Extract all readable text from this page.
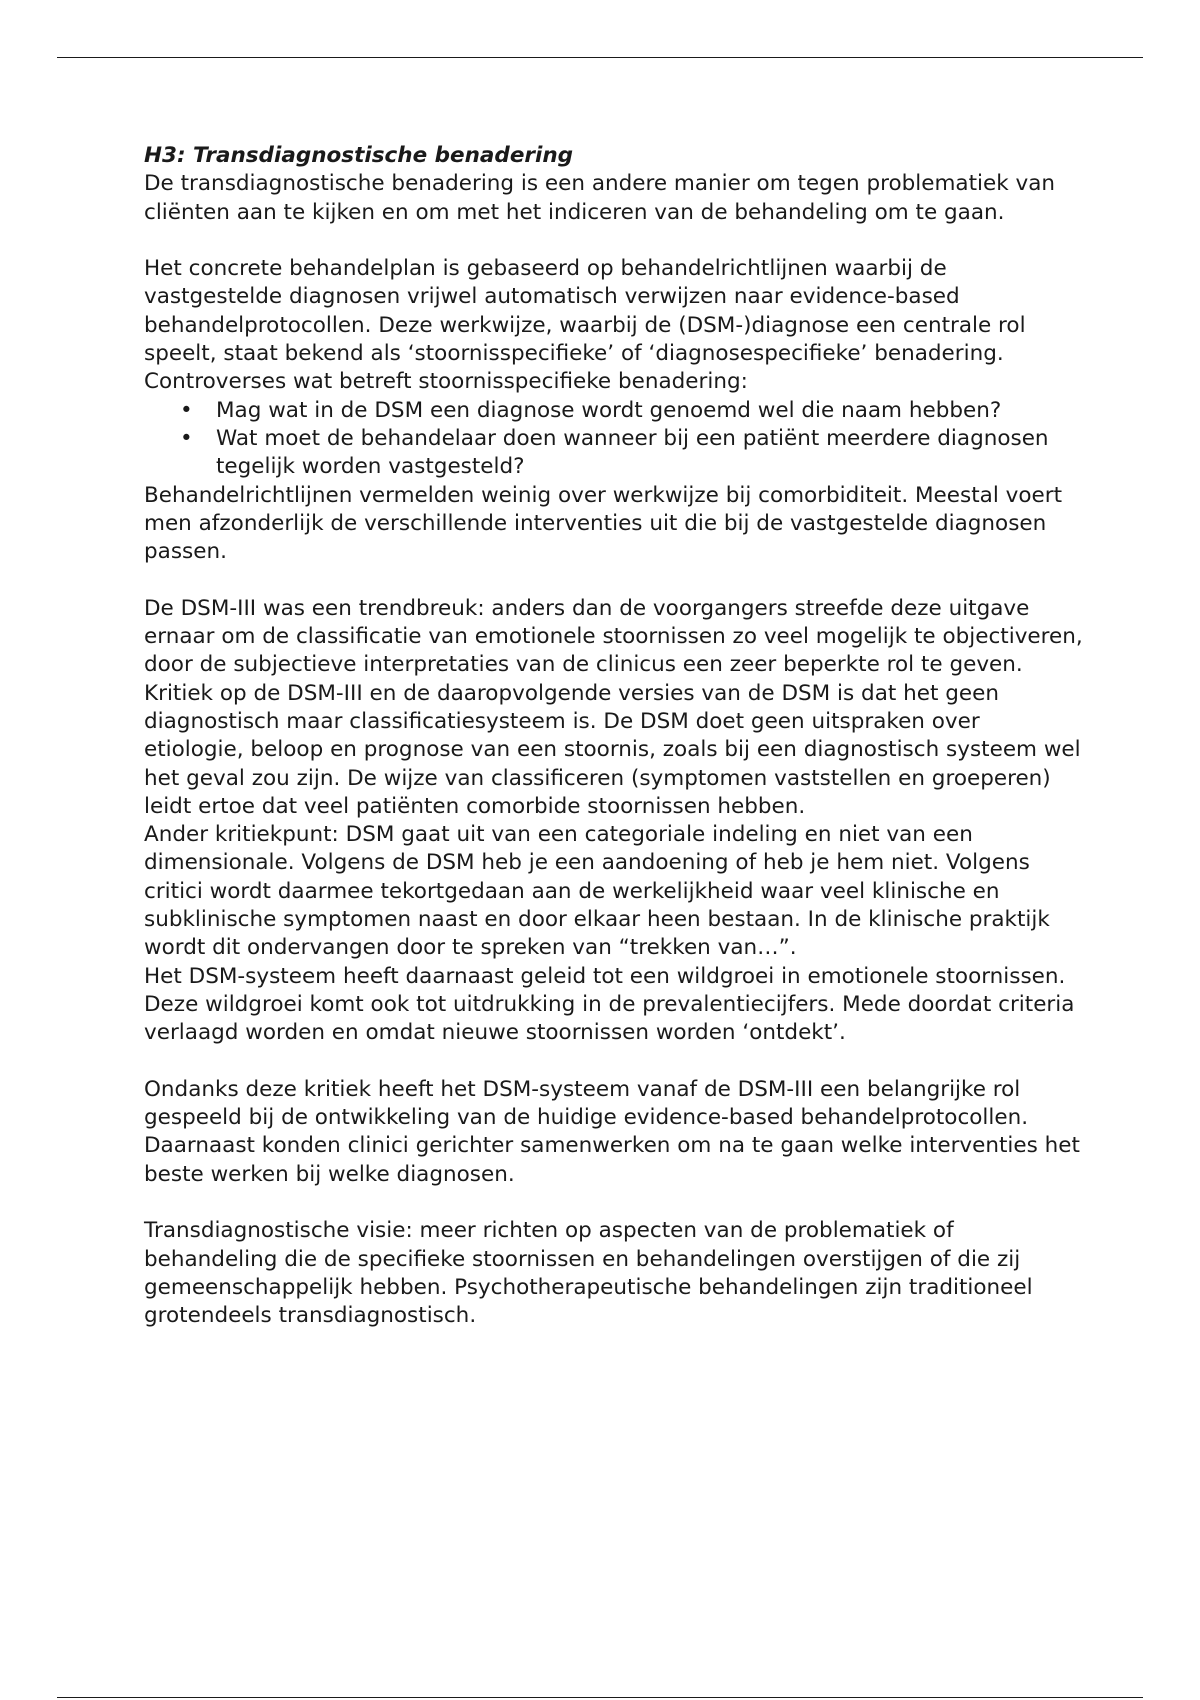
H3: Transdiagnostische benadering

De transdiagnostische benadering is een andere manier om tegen problematiek van cliënten aan te kijken en om met het indiceren van de behandeling om te gaan.

Het concrete behandelplan is gebaseerd op behandelrichtlijnen waarbij de vastgestelde diagnosen vrijwel automatisch verwijzen naar evidence-based behandelprotocollen. Deze werkwijze, waarbij de (DSM-)diagnose een centrale rol speelt, staat bekend als ‘stoornisspecifieke’ of ‘diagnosespecifieke’ benadering.

Controverses wat betreft stoornisspecifieke benadering:

• Mag wat in de DSM een diagnose wordt genoemd wel die naam hebben?
• Wat moet de behandelaar doen wanneer bij een patiënt meerdere diagnosen tegelijk worden vastgesteld?

Behandelrichtlijnen vermelden weinig over werkwijze bij comorbiditeit. Meestal voert men afzonderlijk de verschillende interventies uit die bij de vastgestelde diagnosen passen.

De DSM-III was een trendbreuk: anders dan de voorgangers streefde deze uitgave ernaar om de classificatie van emotionele stoornissen zo veel mogelijk te objectiveren, door de subjectieve interpretaties van de clinicus een zeer beperkte rol te geven. Kritiek op de DSM-III en de daaropvolgende versies van de DSM is dat het geen diagnostisch maar classificatiesysteem is. De DSM doet geen uitspraken over etiologie, beloop en prognose van een stoornis, zoals bij een diagnostisch systeem wel het geval zou zijn. De wijze van classificeren (symptomen vaststellen en groeperen) leidt ertoe dat veel patiënten comorbide stoornissen hebben.

Ander kritiekpunt: DSM gaat uit van een categoriale indeling en niet van een dimensionale. Volgens de DSM heb je een aandoening of heb je hem niet. Volgens critici wordt daarmee tekortgedaan aan de werkelijkheid waar veel klinische en subklinische symptomen naast en door elkaar heen bestaan. In de klinische praktijk wordt dit ondervangen door te spreken van “trekken van…”.

Het DSM-systeem heeft daarnaast geleid tot een wildgroei in emotionele stoornissen. Deze wildgroei komt ook tot uitdrukking in de prevalentiecijfers. Mede doordat criteria verlaagd worden en omdat nieuwe stoornissen worden ‘ontdekt’.

Ondanks deze kritiek heeft het DSM-systeem vanaf de DSM-III een belangrijke rol gespeeld bij de ontwikkeling van de huidige evidence-based behandelprotocollen. Daarnaast konden clinici gerichter samenwerken om na te gaan welke interventies het beste werken bij welke diagnosen.

Transdiagnostische visie: meer richten op aspecten van de problematiek of behandeling die de specifieke stoornissen en behandelingen overstijgen of die zij gemeenschappelijk hebben. Psychotherapeutische behandelingen zijn traditioneel grotendeels transdiagnostisch.
